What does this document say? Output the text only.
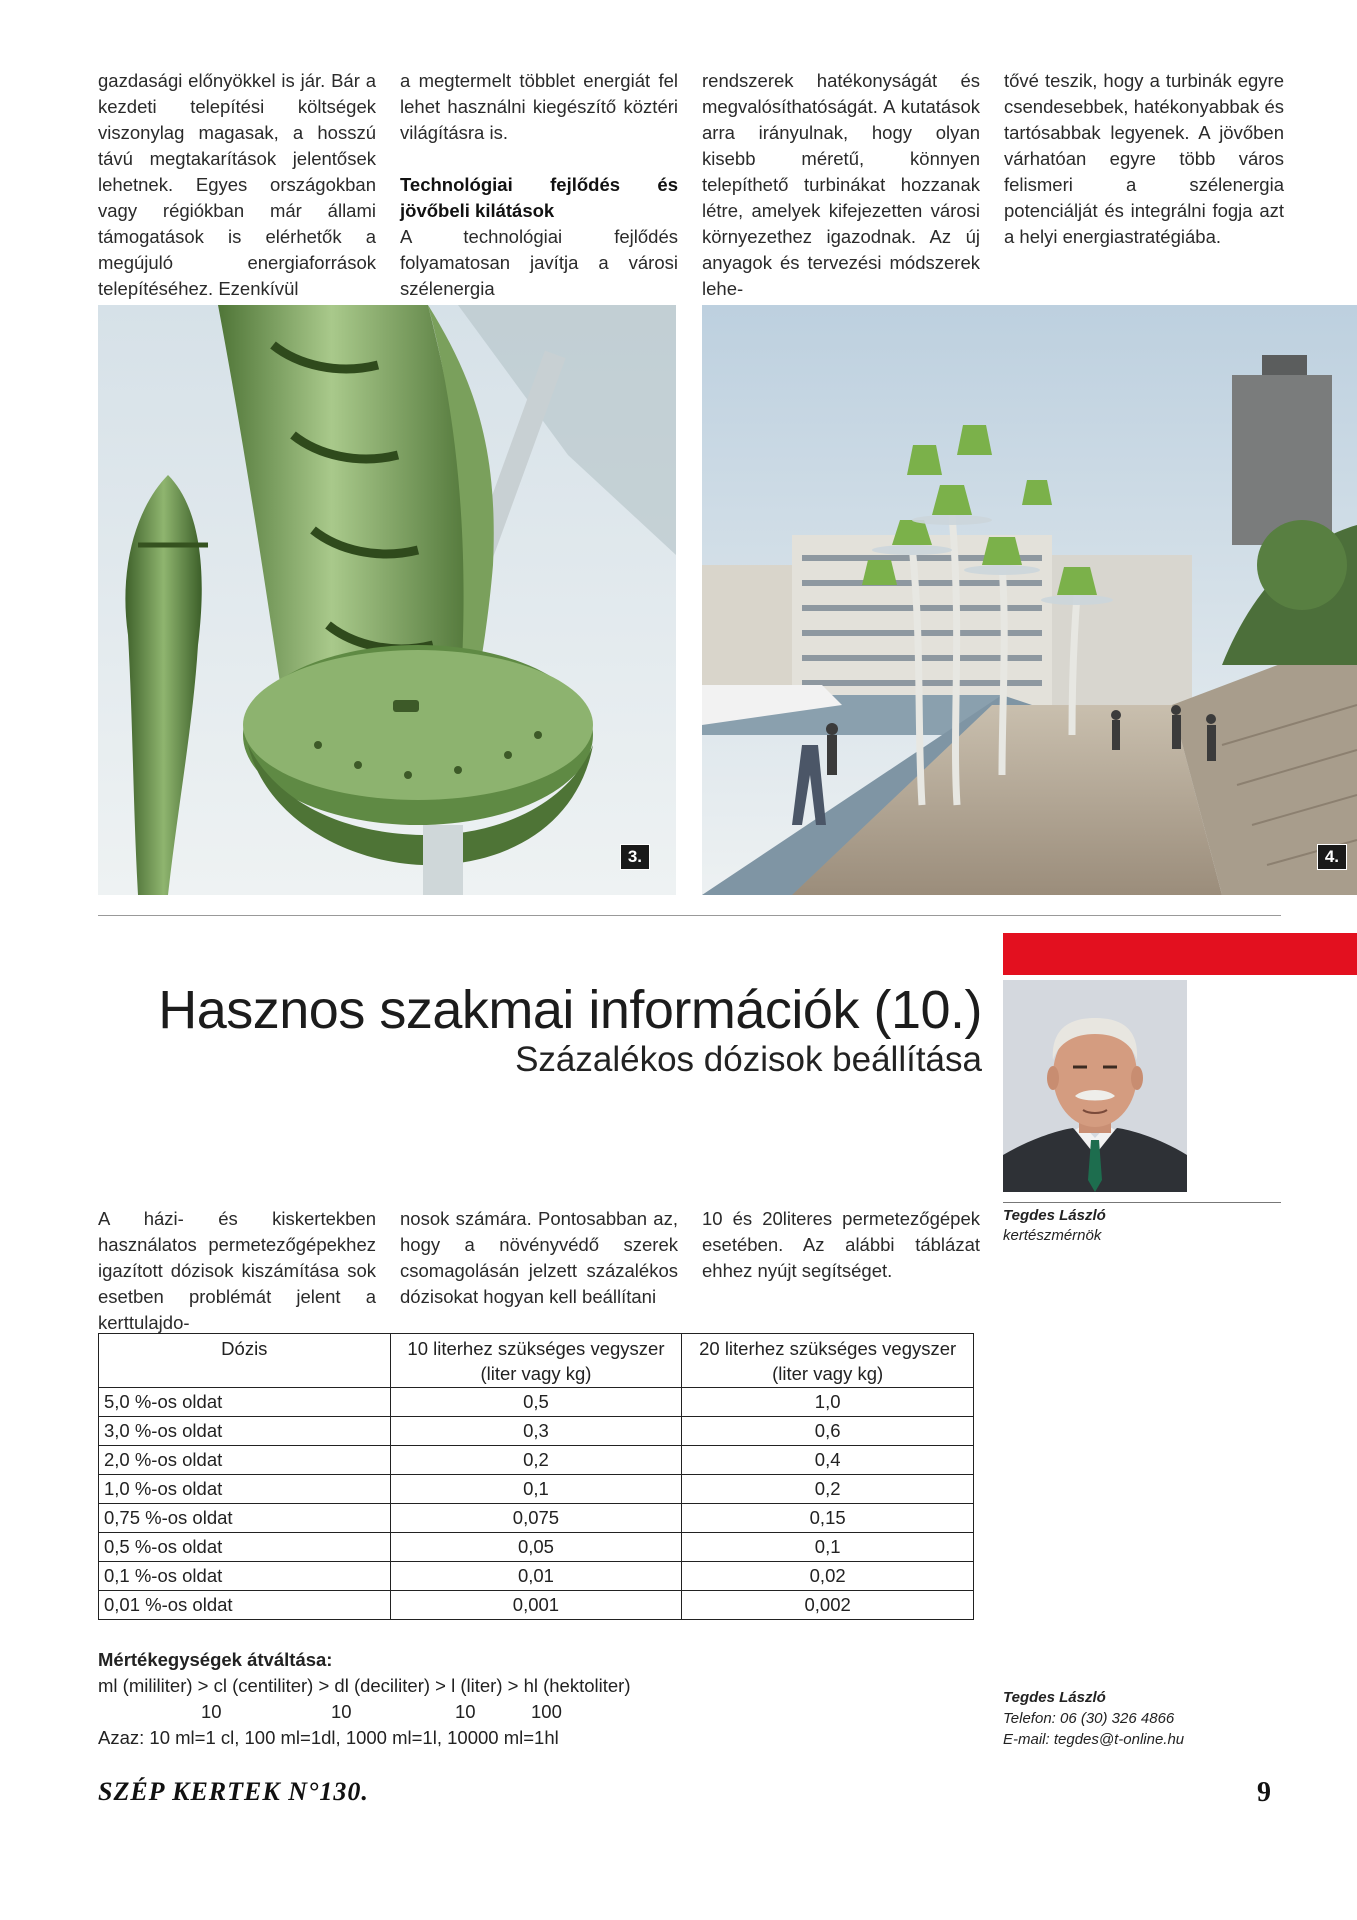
gazdasági előnyökkel is jár. Bár a kezdeti telepítési költségek viszonylag magasak, a hosszú távú megtakarítások jelentősek lehetnek. Egyes országokban vagy régiókban már állami támogatások is elérhetők a megújuló energiaforrások telepítéséhez. Ezenkívül

a megtermelt többlet energiát fel lehet használni kiegészítő köztéri világításra is.

Technológiai fejlődés és jövőbeli kilátások

A technológiai fejlődés folyamatosan javítja a városi szélenergia

rendszerek hatékonyságát és megvalósíthatóságát. A kutatások arra irányulnak, hogy olyan kisebb méretű, könnyen telepíthető turbinákat hozzanak létre, amelyek kifejezetten városi környezethez igazodnak. Az új anyagok és tervezési módszerek lehe-

tővé teszik, hogy a turbinák egyre csendesebbek, hatékonyabbak és tartósabbak legyenek. A jövőben várhatóan egyre több város felismeri a szélenergia potenciálját és integrálni fogja azt a helyi energiastratégiába.

3.	4.
Hasznos szakmai információk (10.)
Százalékos dózisok beállítása
Tegdes László
kertészmérnök

A házi- és kiskertekben használatos permetezőgépekhez igazított dózisok kiszámítása sok esetben problémát jelent a kerttulajdo-

nosok számára. Pontosabban az, hogy a növényvédő szerek csomagolásán jelzett százalékos dózisokat hogyan kell beállítani

10 és 20literes permetezőgépek esetében. Az alábbi táblázat ehhez nyújt segítséget.

Dózis	10 literhez szükséges vegyszer (liter vagy kg)	20 literhez szükséges vegyszer (liter vagy kg)
5,0 %-os oldat	0,5	1,0
3,0 %-os oldat	0,3	0,6
2,0 %-os oldat	0,2	0,4
1,0 %-os oldat	0,1	0,2
0,75 %-os oldat	0,075	0,15
0,5 %-os oldat	0,05	0,1
0,1 %-os oldat	0,01	0,02
0,01 %-os oldat	0,001	0,002
Mértékegységek átváltása:
ml (mililiter) > cl (centiliter) > dl (deciliter) > l (liter) > hl (hektoliter)
10	10	10	100
Azaz: 10 ml=1 cl, 100 ml=1dl, 1000 ml=1l, 10000 ml=1hl
Tegdes László
Telefon: 06 (30) 326 4866
E-mail: tegdes@t-online.hu
SZÉP KERTEK N°130.	9
